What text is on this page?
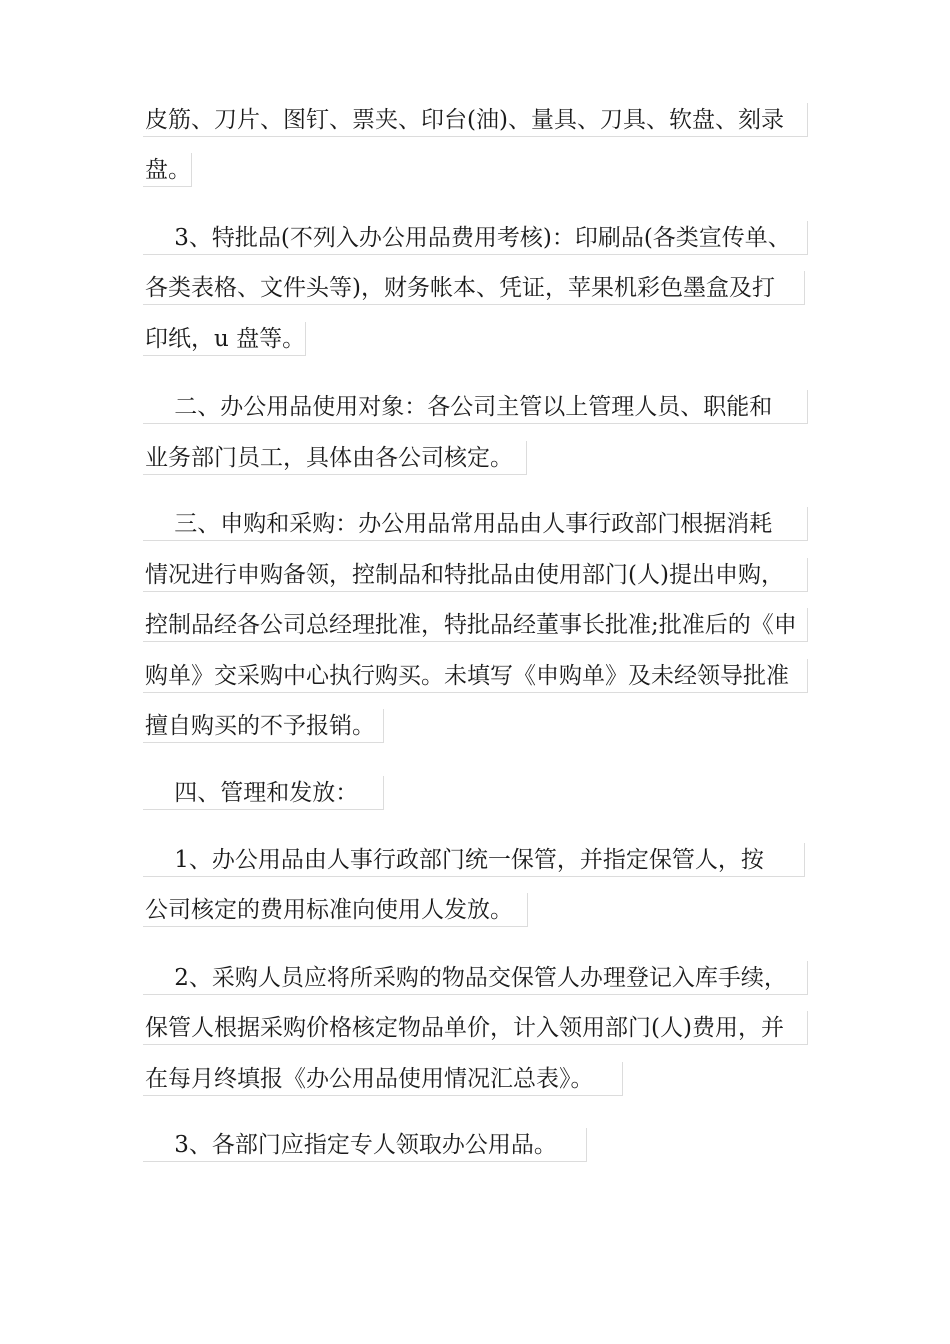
皮筋、刀片、图钉、票夹、印台(油)、量具、刀具、软盘、刻录
盘。
3、特批品(不列入办公用品费用考核)：印刷品(各类宣传单、
各类表格、文件头等)，财务帐本、凭证，苹果机彩色墨盒及打
印纸，u 盘等。
二、办公用品使用对象：各公司主管以上管理人员、职能和
业务部门员工，具体由各公司核定。
三、申购和采购：办公用品常用品由人事行政部门根据消耗
情况进行申购备领，控制品和特批品由使用部门(人)提出申购，
控制品经各公司总经理批准，特批品经董事长批准;批准后的《申
购单》交采购中心执行购买。未填写《申购单》及未经领导批准
擅自购买的不予报销。
四、管理和发放：
1、办公用品由人事行政部门统一保管，并指定保管人，按
公司核定的费用标准向使用人发放。
2、采购人员应将所采购的物品交保管人办理登记入库手续，
保管人根据采购价格核定物品单价，计入领用部门(人)费用，并
在每月终填报《办公用品使用情况汇总表》。
3、各部门应指定专人领取办公用品。
